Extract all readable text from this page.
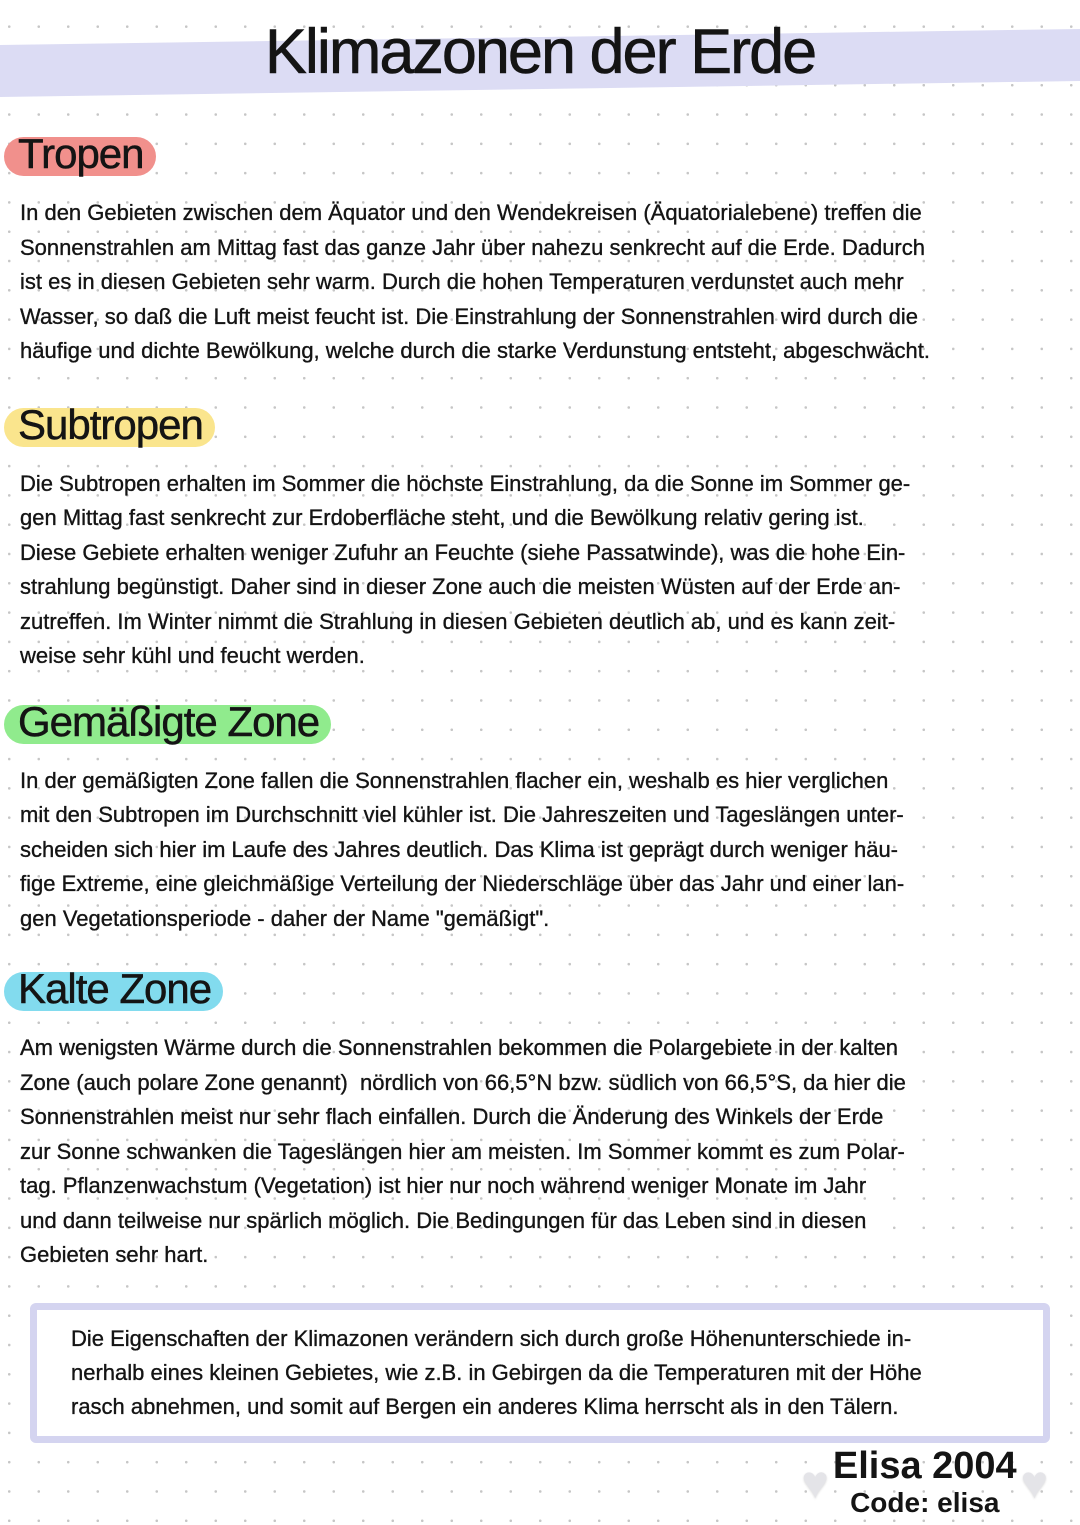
Klimazonen der Erde
Tropen
In den Gebieten zwischen dem Äquator und den Wendekreisen (Äquatorialebene) treffen die
Sonnenstrahlen am Mittag fast das ganze Jahr über nahezu senkrecht auf die Erde. Dadurch
ist es in diesen Gebieten sehr warm. Durch die hohen Temperaturen verdunstet auch mehr
Wasser, so daß die Luft meist feucht ist. Die Einstrahlung der Sonnenstrahlen wird durch die
häufige und dichte Bewölkung, welche durch die starke Verdunstung entsteht, abgeschwächt.
Subtropen
Die Subtropen erhalten im Sommer die höchste Einstrahlung, da die Sonne im Sommer ge-
gen Mittag fast senkrecht zur Erdoberfläche steht, und die Bewölkung relativ gering ist.
Diese Gebiete erhalten weniger Zufuhr an Feuchte (siehe Passatwinde), was die hohe Ein-
strahlung begünstigt. Daher sind in dieser Zone auch die meisten Wüsten auf der Erde an-
zutreffen. Im Winter nimmt die Strahlung in diesen Gebieten deutlich ab, und es kann zeit-
weise sehr kühl und feucht werden.
Gemäßigte Zone
In der gemäßigten Zone fallen die Sonnenstrahlen flacher ein, weshalb es hier verglichen
mit den Subtropen im Durchschnitt viel kühler ist. Die Jahreszeiten und Tageslängen unter-
scheiden sich hier im Laufe des Jahres deutlich. Das Klima ist geprägt durch weniger häu-
fige Extreme, eine gleichmäßige Verteilung der Niederschläge über das Jahr und einer lan-
gen Vegetationsperiode - daher der Name "gemäßigt".
Kalte Zone
Am wenigsten Wärme durch die Sonnenstrahlen bekommen die Polargebiete in der kalten
Zone (auch polare Zone genannt)  nördlich von 66,5°N bzw. südlich von 66,5°S, da hier die
Sonnenstrahlen meist nur sehr flach einfallen. Durch die Änderung des Winkels der Erde
zur Sonne schwanken die Tageslängen hier am meisten. Im Sommer kommt es zum Polar-
tag. Pflanzenwachstum (Vegetation) ist hier nur noch während weniger Monate im Jahr
und dann teilweise nur spärlich möglich. Die Bedingungen für das Leben sind in diesen
Gebieten sehr hart.
Die Eigenschaften der Klimazonen verändern sich durch große Höhenunterschiede in-
nerhalb eines kleinen Gebietes, wie z.B. in Gebirgen da die Temperaturen mit der Höhe
rasch abnehmen, und somit auf Bergen ein anderes Klima herrscht als in den Tälern.
♥ Elisa 2004
Code: elisa ♥
